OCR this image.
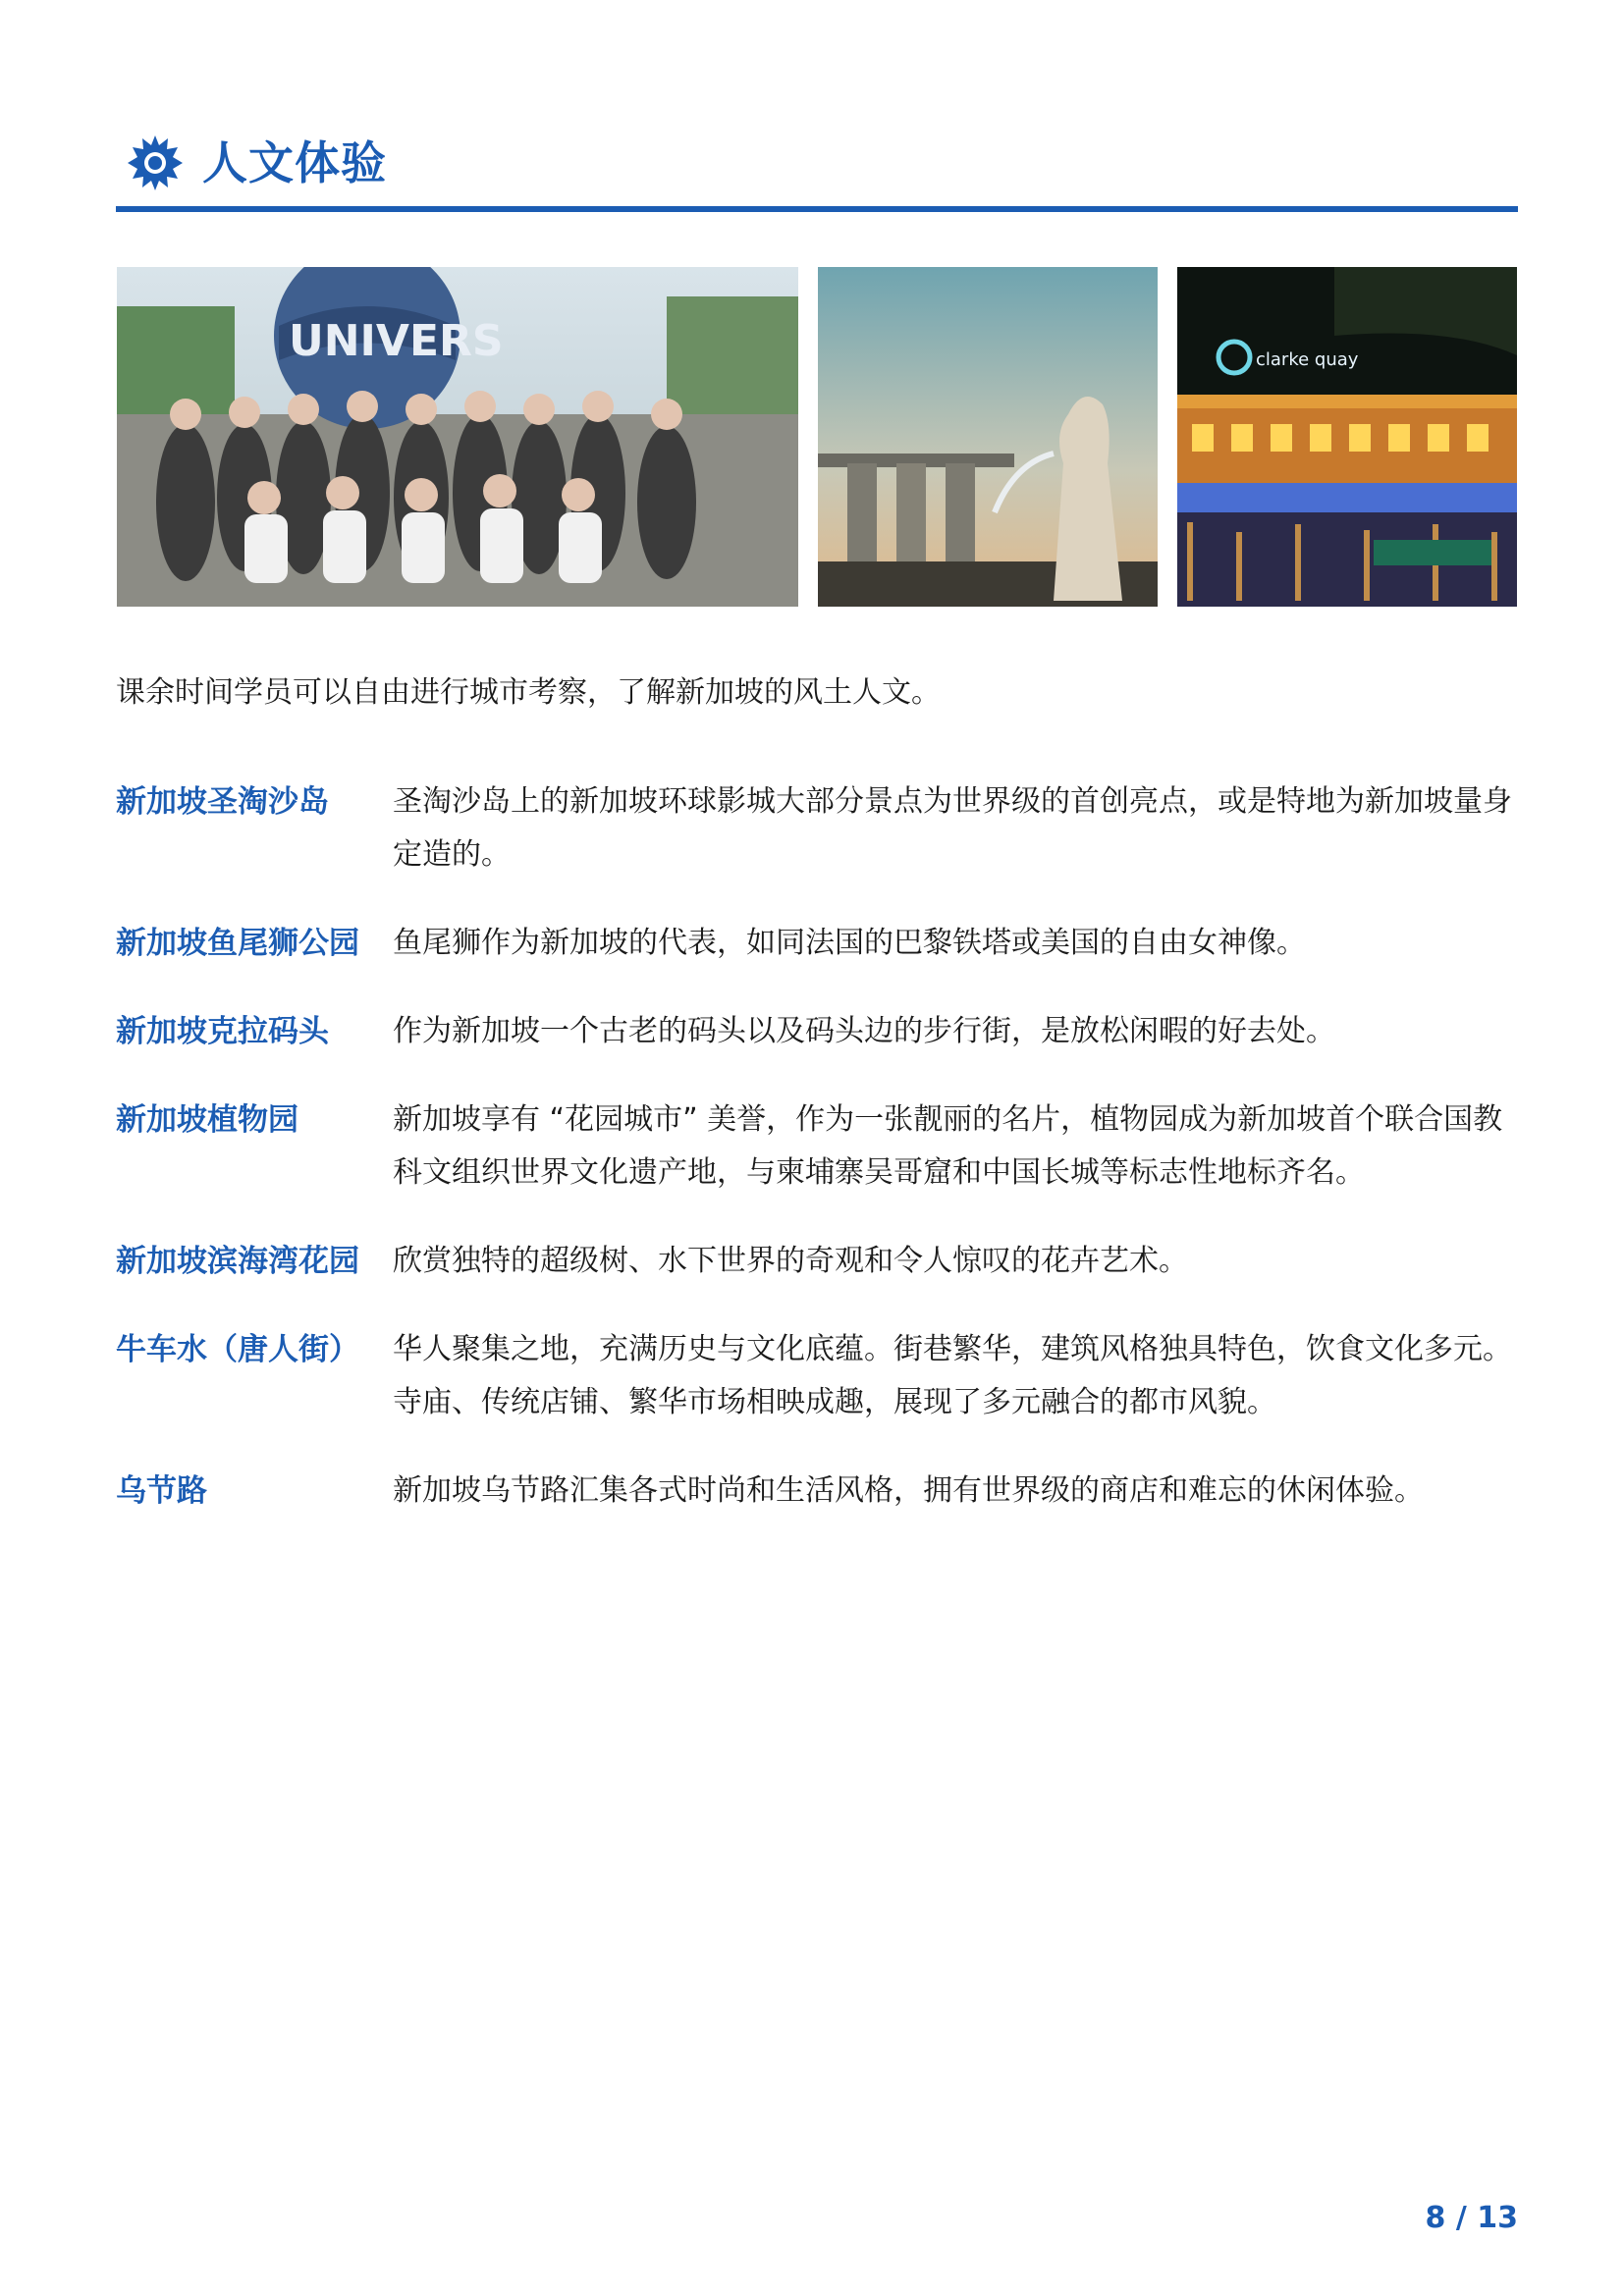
人文体验
UNIVERS	clarke quay
课余时间学员可以自由进行城市考察，了解新加坡的风土人文。
新加坡圣淘沙岛	圣淘沙岛上的新加坡环球影城大部分景点为世界级的首创亮点，或是特地为新加坡量身定造的。
新加坡鱼尾狮公园	鱼尾狮作为新加坡的代表，如同法国的巴黎铁塔或美国的自由女神像。
新加坡克拉码头	作为新加坡一个古老的码头以及码头边的步行街，是放松闲暇的好去处。
新加坡植物园	新加坡享有 “花园城市” 美誉，作为一张靓丽的名片，植物园成为新加坡首个联合国教科文组织世界文化遗产地，与柬埔寨吴哥窟和中国长城等标志性地标齐名。
新加坡滨海湾花园	欣赏独特的超级树、水下世界的奇观和令人惊叹的花卉艺术。
牛车水（唐人街）	华人聚集之地，充满历史与文化底蕴。街巷繁华，建筑风格独具特色，饮食文化多元。寺庙、传统店铺、繁华市场相映成趣，展现了多元融合的都市风貌。
乌节路	新加坡乌节路汇集各式时尚和生活风格，拥有世界级的商店和难忘的休闲体验。
8 / 13
